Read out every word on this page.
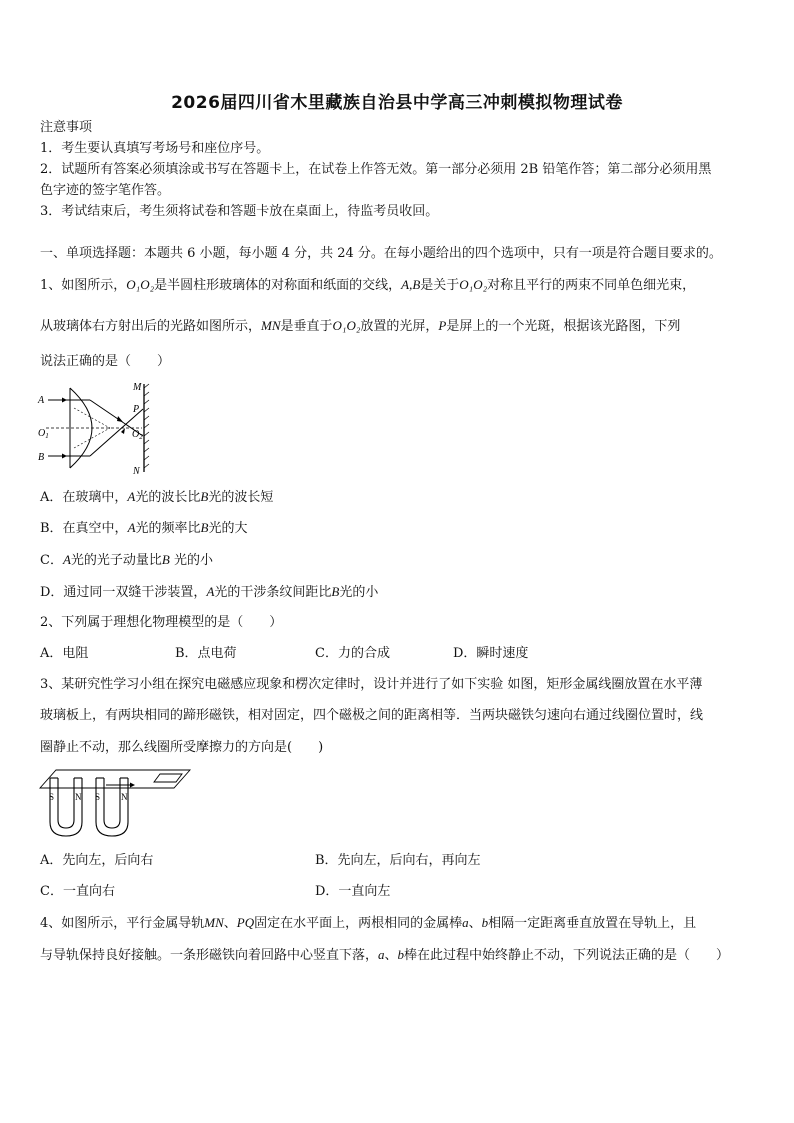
2026届四川省木里藏族自治县中学高三冲刺模拟物理试卷
注意事项
1．考生要认真填写考场号和座位序号。
2．试题所有答案必须填涂或书写在答题卡上，在试卷上作答无效。第一部分必须用 2B 铅笔作答；第二部分必须用黑
色字迹的签字笔作答。
3．考试结束后，考生须将试卷和答题卡放在桌面上，待监考员收回。
一、单项选择题：本题共 6 小题，每小题 4 分，共 24 分。在每小题给出的四个选项中，只有一项是符合题目要求的。
1、如图所示，O₁O₂是半圆柱形玻璃体的对称面和纸面的交线，A,B是关于O₁O₂对称且平行的两束不同单色细光束，
从玻璃体右方射出后的光路如图所示，MN是垂直于O₁O₂放置的光屏，P是屏上的一个光斑，根据该光路图，下列
说法正确的是（　　）
A
B
$O_1$	$O_2$
M
P
N
A．在玻璃中，A光的波长比B光的波长短
B．在真空中，A光的频率比B光的大
C．A光的光子动量比B 光的小
D．通过同一双缝干涉装置，A光的干涉条纹间距比B光的小
2、下列属于理想化物理模型的是（　　）
A．电阻	B．点电荷	C．力的合成	D．瞬时速度
3、某研究性学习小组在探究电磁感应现象和楞次定律时，设计并进行了如下实验 如图，矩形金属线圈放置在水平薄
玻璃板上，有两块相同的蹄形磁铁，相对固定，四个磁极之间的距离相等．当两块磁铁匀速向右通过线圈位置时，线
圈静止不动，那么线圈所受摩擦力的方向是(　　)
S N S N
A．先向左，后向右	B．先向左，后向右，再向左
C．一直向右	D．一直向左
4、如图所示，平行金属导轨MN、PQ固定在水平面上，两根相同的金属棒a、b相隔一定距离垂直放置在导轨上，且
与导轨保持良好接触。一条形磁铁向着回路中心竖直下落，a、b棒在此过程中始终静止不动，下列说法正确的是（　　）
